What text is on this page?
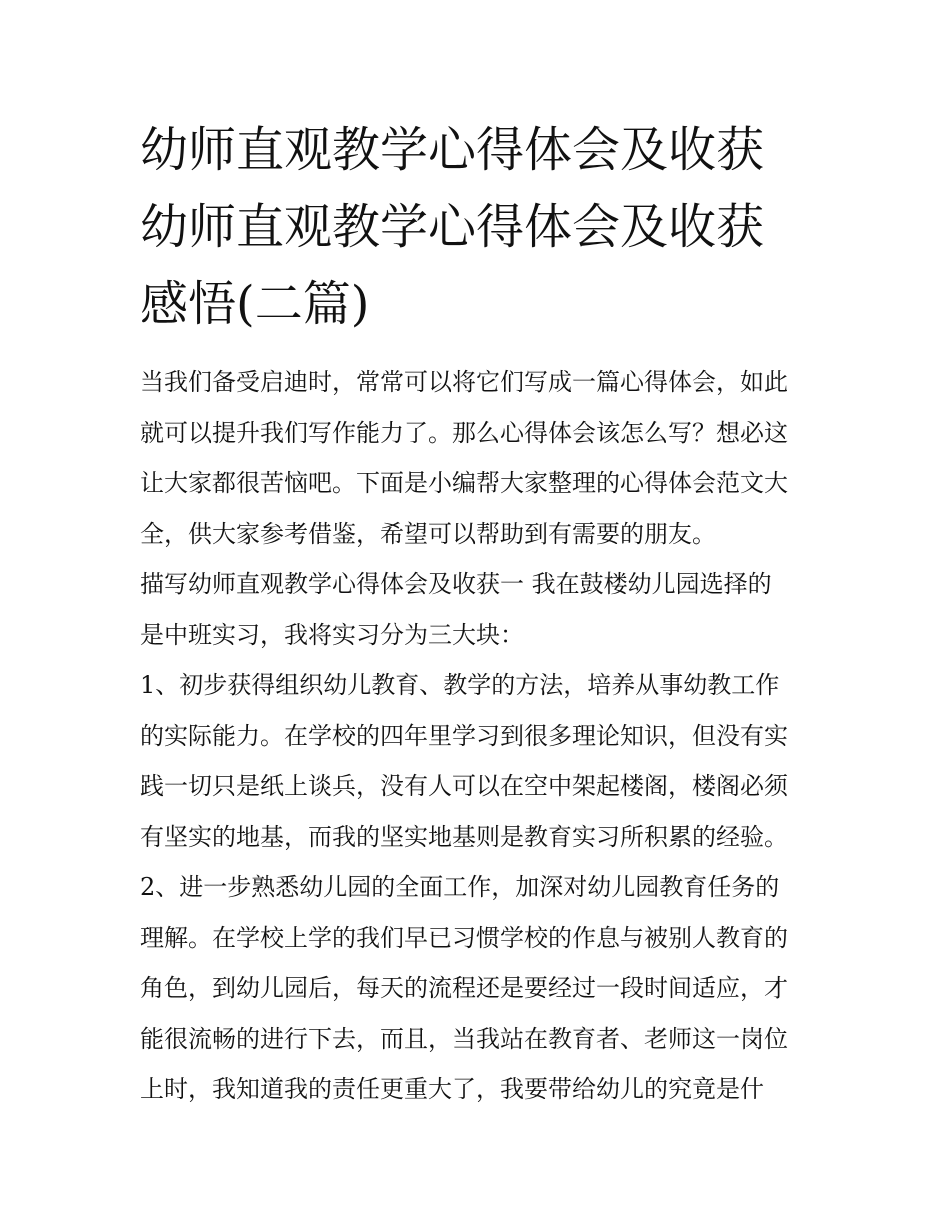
幼师直观教学心得体会及收获
幼师直观教学心得体会及收获
感悟(二篇)

当我们备受启迪时，常常可以将它们写成一篇心得体会，如此
就可以提升我们写作能力了。那么心得体会该怎么写？想必这
让大家都很苦恼吧。下面是小编帮大家整理的心得体会范文大
全，供大家参考借鉴，希望可以帮助到有需要的朋友。

描写幼师直观教学心得体会及收获一 我在鼓楼幼儿园选择的
是中班实习，我将实习分为三大块：

1、初步获得组织幼儿教育、教学的方法，培养从事幼教工作
的实际能力。在学校的四年里学习到很多理论知识，但没有实
践一切只是纸上谈兵，没有人可以在空中架起楼阁，楼阁必须
有坚实的地基，而我的坚实地基则是教育实习所积累的经验。

2、进一步熟悉幼儿园的全面工作，加深对幼儿园教育任务的
理解。在学校上学的我们早已习惯学校的作息与被别人教育的
角色，到幼儿园后，每天的流程还是要经过一段时间适应，才
能很流畅的进行下去，而且，当我站在教育者、老师这一岗位
上时，我知道我的责任更重大了，我要带给幼儿的究竟是什
